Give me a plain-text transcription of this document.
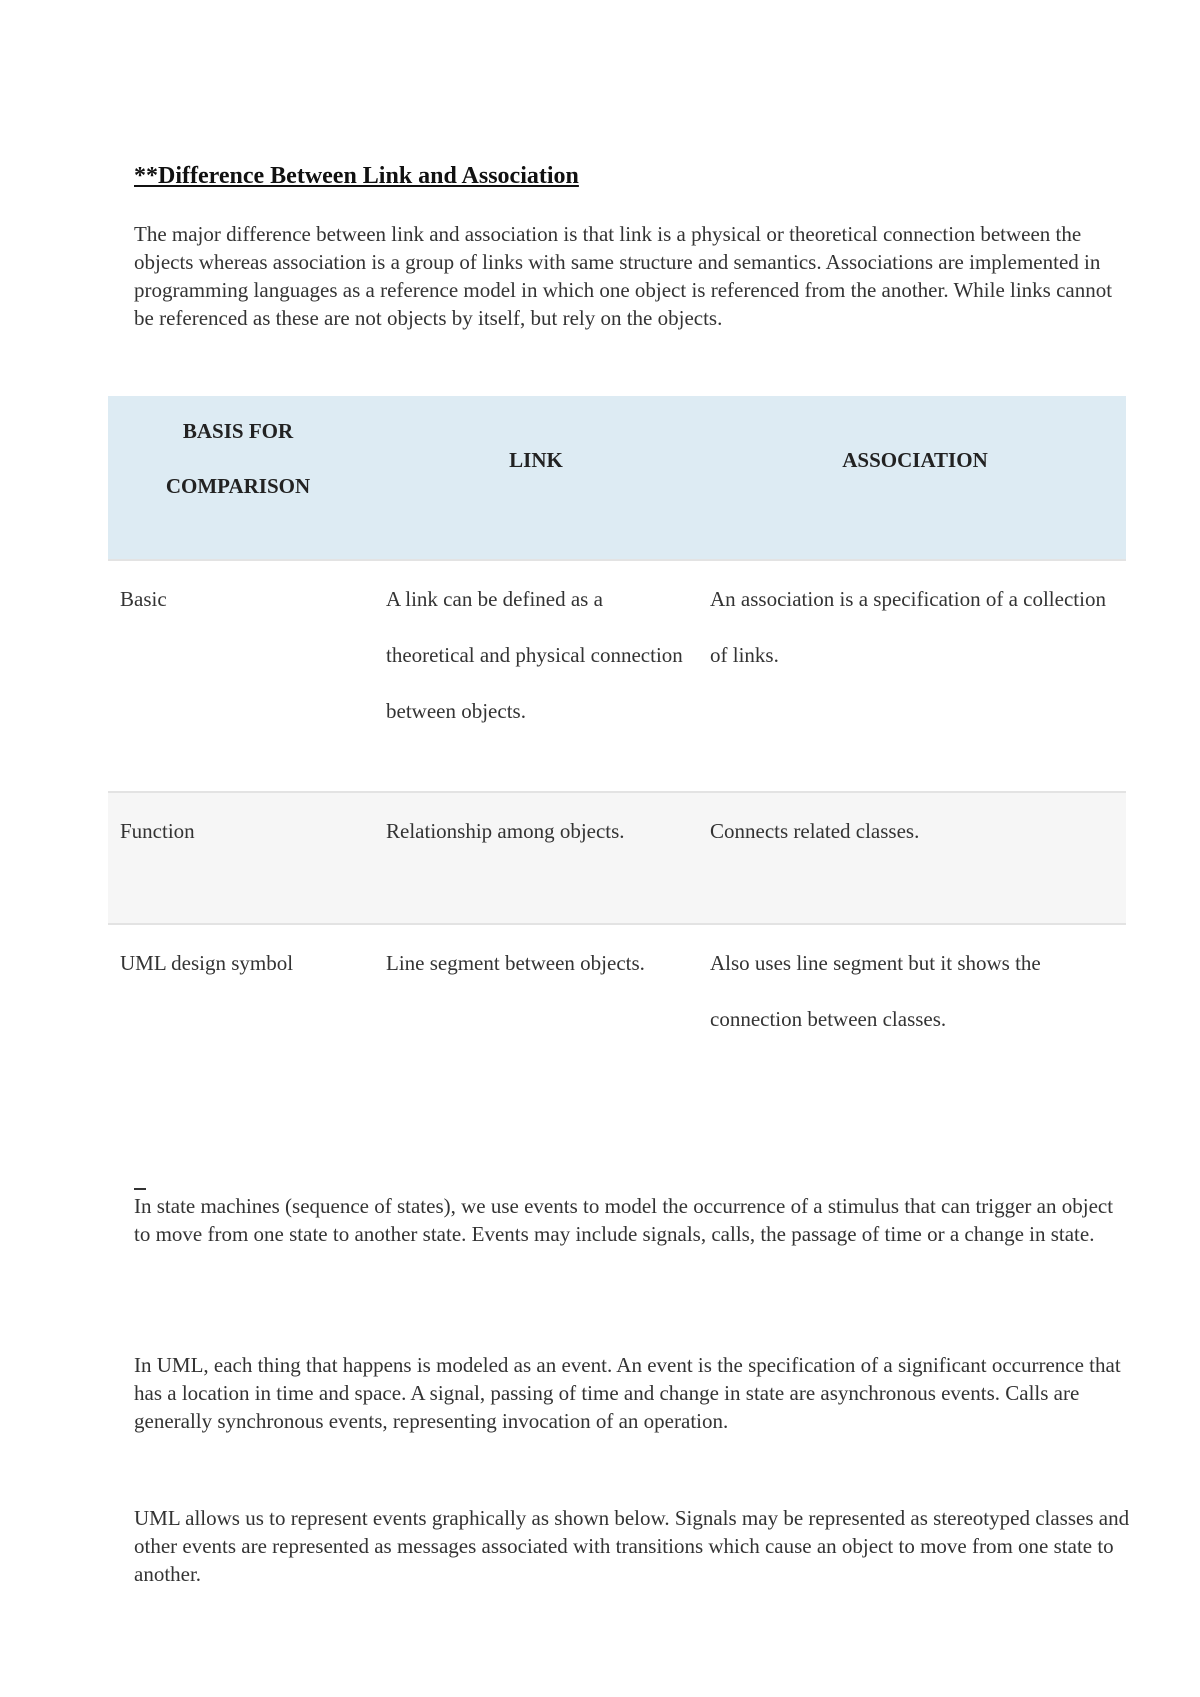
**Difference Between Link and Association

The major difference between link and association is that link is a physical or theoretical connection between the objects whereas association is a group of links with same structure and semantics. Associations are implemented in programming languages as a reference model in which one object is referenced from the another. While links cannot be referenced as these are not objects by itself, but rely on the objects.

BASIS FOR
COMPARISON	LINK	ASSOCIATION

Basic	A link can be defined as a theoretical and physical connection between objects.	An association is a specification of a collection of links.
Function	Relationship among objects.	Connects related classes.
UML design symbol	Line segment between objects.	Also uses line segment but it shows the connection between classes.

In state machines (sequence of states), we use events to model the occurrence of a stimulus that can trigger an object to move from one state to another state. Events may include signals, calls, the passage of time or a change in state.

In UML, each thing that happens is modeled as an event. An event is the specification of a significant occurrence that has a location in time and space. A signal, passing of time and change in state are asynchronous events. Calls are generally synchronous events, representing invocation of an operation.

UML allows us to represent events graphically as shown below. Signals may be represented as stereotyped classes and other events are represented as messages associated with transitions which cause an object to move from one state to another.
